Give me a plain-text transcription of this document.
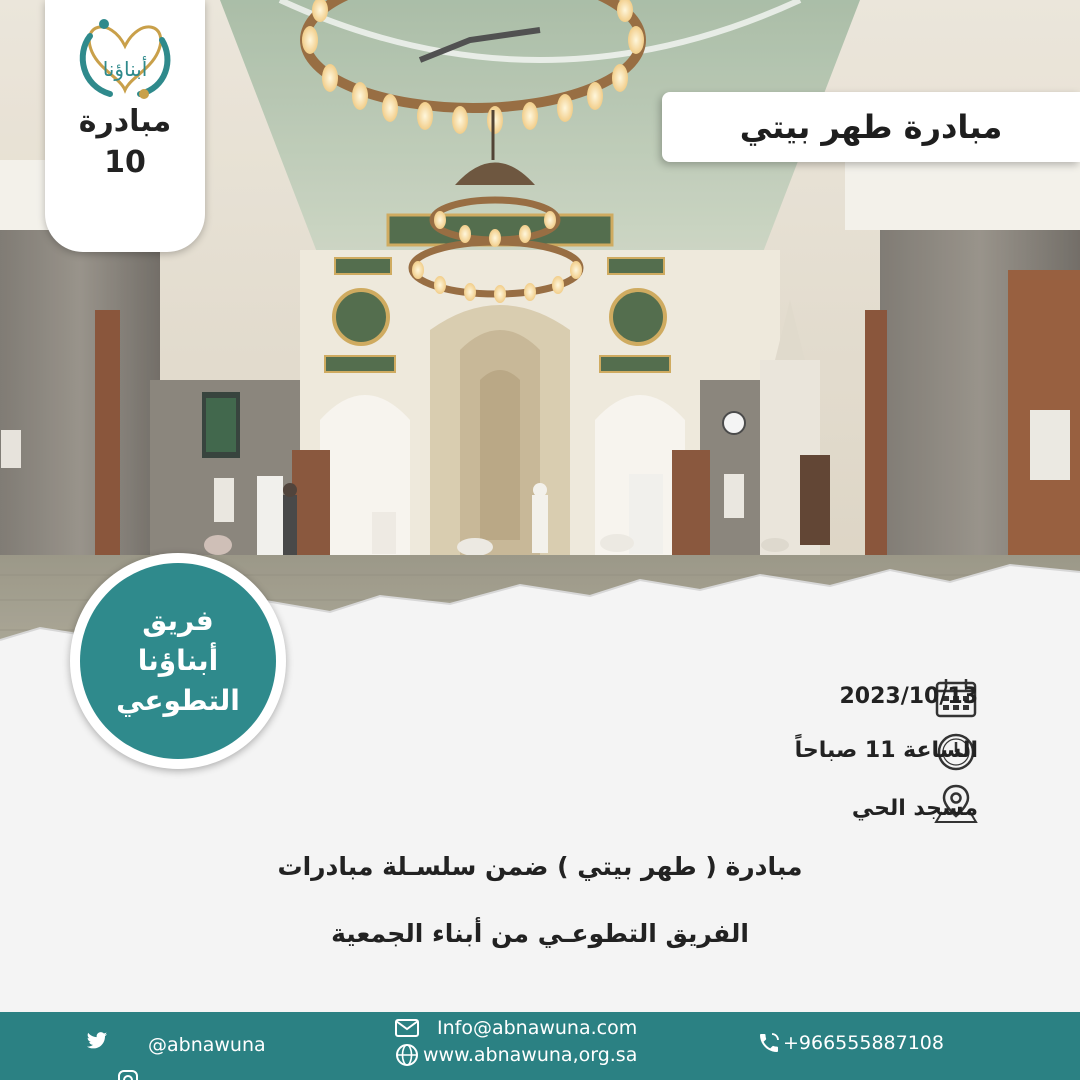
أبناؤنا
مبادرة
10
مبادرة طهر بيتي
فريق
أبناؤنا
التطوعي	2023/10/13
الساعة 11 صباحاً
مسجد الحي
مبادرة ( طهر بيتي ) ضمن سلسـلة مبادرات
الفريق التطوعـي من أبناء الجمعية
@abnawuna
Info@abnawuna.com
www.abnawuna,org.sa
+966555887108
